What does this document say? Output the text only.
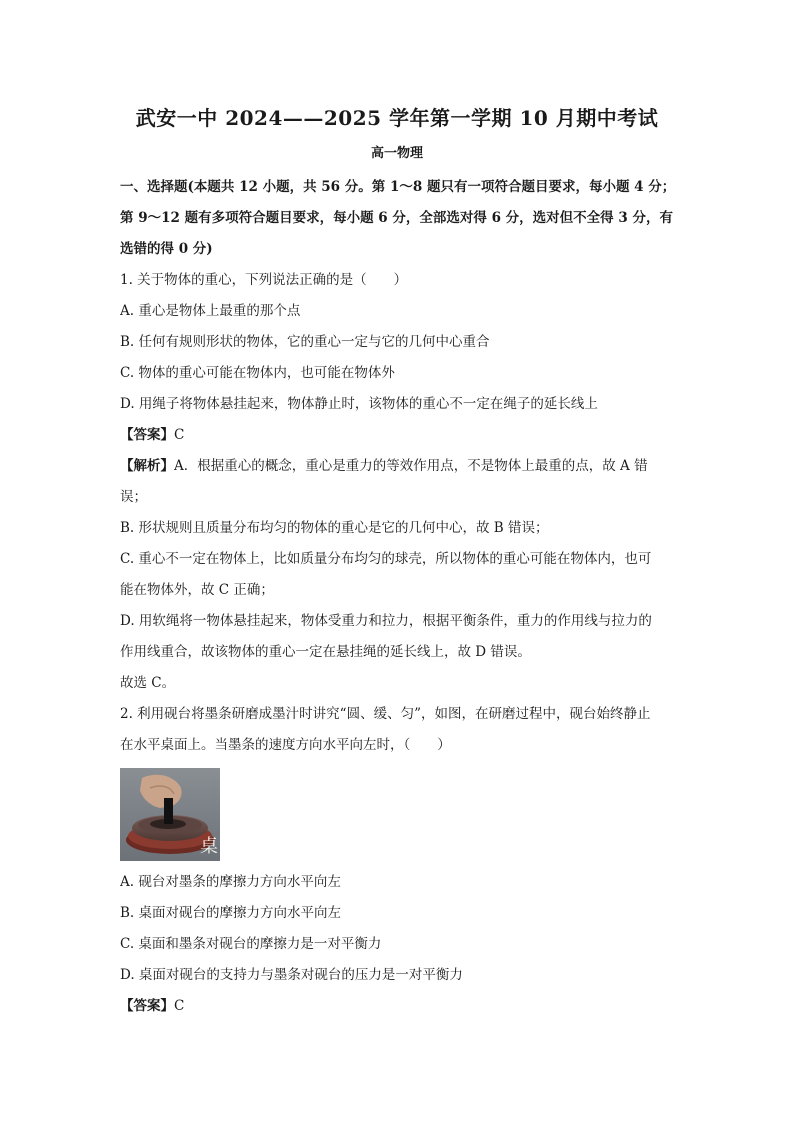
武安一中 2024——2025 学年第一学期 10 月期中考试
高一物理
一、选择题(本题共 12 小题，共 56 分。第 1～8 题只有一项符合题目要求，每小题 4 分；
第 9～12 题有多项符合题目要求，每小题 6 分，全部选对得 6 分，选对但不全得 3 分，有
选错的得 0 分)
1. 关于物体的重心，下列说法正确的是（　　）
A. 重心是物体上最重的那个点
B. 任何有规则形状的物体，它的重心一定与它的几何中心重合
C. 物体的重心可能在物体内，也可能在物体外
D. 用绳子将物体悬挂起来，物体静止时，该物体的重心不一定在绳子的延长线上
【答案】C
【解析】A．根据重心的概念，重心是重力的等效作用点，不是物体上最重的点，故 A 错
误；
B. 形状规则且质量分布均匀的物体的重心是它的几何中心，故 B 错误；
C. 重心不一定在物体上，比如质量分布均匀的球壳，所以物体的重心可能在物体内，也可
能在物体外，故 C 正确；
D. 用软绳将一物体悬挂起来，物体受重力和拉力，根据平衡条件，重力的作用线与拉力的
作用线重合，故该物体的重心一定在悬挂绳的延长线上，故 D 错误。
故选 C。
2. 利用砚台将墨条研磨成墨汁时讲究“圆、缓、匀”，如图，在研磨过程中，砚台始终静止
在水平桌面上。当墨条的速度方向水平向左时，（　　）
桌
A. 砚台对墨条的摩擦力方向水平向左
B. 桌面对砚台的摩擦力方向水平向左
C. 桌面和墨条对砚台的摩擦力是一对平衡力
D. 桌面对砚台的支持力与墨条对砚台的压力是一对平衡力
【答案】C
